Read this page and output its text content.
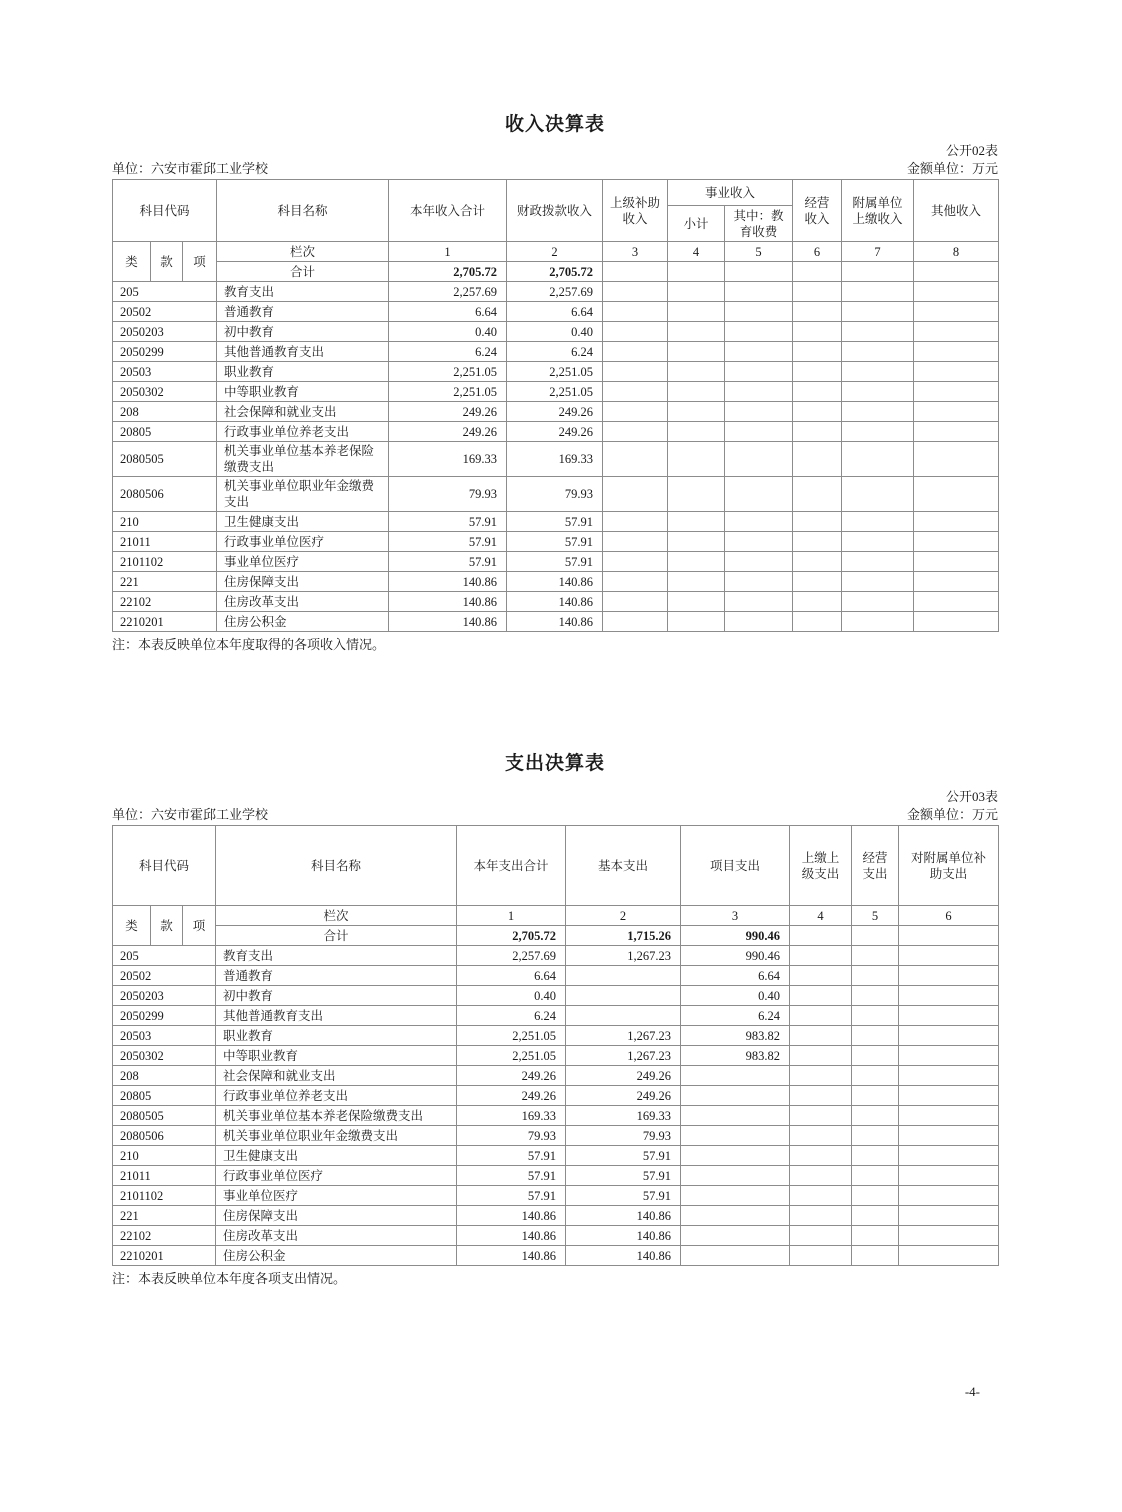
收入决算表
公开02表
单位：六安市霍邱工业学校	金额单位：万元
科目代码			科目名称	本年收入合计	财政拨款收入	上级补助收入	事业收入		经营收入	附属单位上缴收入	其他收入
							小计	其中：教育收费			
类	款	项	栏次	1	2	3	4	5	6	7	8
			合计	2,705.72	2,705.72						
205			教育支出	2,257.69	2,257.69						
20502			普通教育	6.64	6.64						
2050203			初中教育	0.40	0.40						
2050299			其他普通教育支出	6.24	6.24						
20503			职业教育	2,251.05	2,251.05						
2050302			中等职业教育	2,251.05	2,251.05						
208			社会保障和就业支出	249.26	249.26						
20805			行政事业单位养老支出	249.26	249.26						
2080505			机关事业单位基本养老保险缴费支出	169.33	169.33						
2080506			机关事业单位职业年金缴费支出	79.93	79.93						
210			卫生健康支出	57.91	57.91						
21011			行政事业单位医疗	57.91	57.91						
2101102			事业单位医疗	57.91	57.91						
221			住房保障支出	140.86	140.86						
22102			住房改革支出	140.86	140.86						
2210201			住房公积金	140.86	140.86						
注：本表反映单位本年度取得的各项收入情况。
支出决算表
公开03表
单位：六安市霍邱工业学校	金额单位：万元
科目代码			科目名称	本年支出合计	基本支出	项目支出	上缴上级支出	经营支出	对附属单位补助支出
类	款	项	栏次	1	2	3	4	5	6
			合计	2,705.72	1,715.26	990.46			
205			教育支出	2,257.69	1,267.23	990.46			
20502			普通教育	6.64		6.64			
2050203			初中教育	0.40		0.40			
2050299			其他普通教育支出	6.24		6.24			
20503			职业教育	2,251.05	1,267.23	983.82			
2050302			中等职业教育	2,251.05	1,267.23	983.82			
208			社会保障和就业支出	249.26	249.26				
20805			行政事业单位养老支出	249.26	249.26				
2080505			机关事业单位基本养老保险缴费支出	169.33	169.33				
2080506			机关事业单位职业年金缴费支出	79.93	79.93				
210			卫生健康支出	57.91	57.91				
21011			行政事业单位医疗	57.91	57.91				
2101102			事业单位医疗	57.91	57.91				
221			住房保障支出	140.86	140.86				
22102			住房改革支出	140.86	140.86				
2210201			住房公积金	140.86	140.86				
注：本表反映单位本年度各项支出情况。
-4-
